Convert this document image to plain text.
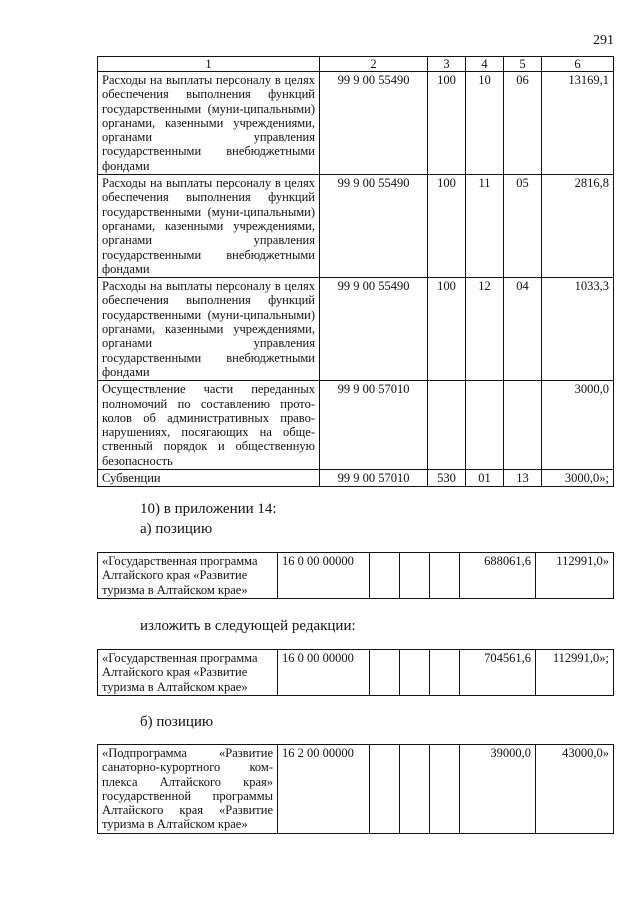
291
1	2	3	4	5	6
Расходы на выплаты персоналу в целях обеспечения выполнения функций государственными (муни-ципальными) органами, казенными учреждениями, органами управления государственными внебюджетными фондами	99 9 00 55490	100	10	06	13169,1
Расходы на выплаты персоналу в целях обеспечения выполнения функций государственными (муни-ципальными) органами, казенными учреждениями, органами управления государственными внебюджетными фондами	99 9 00 55490	100	11	05	2816,8
Расходы на выплаты персоналу в целях обеспечения выполнения функций государственными (муни-ципальными) органами, казенными учреждениями, органами управления государственными внебюджетными фондами	99 9 00 55490	100	12	04	1033,3
Осуществление части переданных полномочий по составлению прото-колов об административных право-нарушениях, посягающих на обще-ственный порядок и общественную безопасность	99 9 00 57010				3000,0
Субвенции	99 9 00 57010	530	01	13	3000,0»;
10) в приложении 14:
а) позицию
«Государственная программа Алтайского края «Развитие туризма в Алтайском крае»	16 0 00 00000				688061,6	112991,0»
изложить в следующей редакции:
«Государственная программа Алтайского края «Развитие туризма в Алтайском крае»	16 0 00 00000				704561,6	112991,0»;
б) позицию
«Подпрограмма «Развитие санаторно-курортного ком-плекса Алтайского края» государственной программы Алтайского края «Развитие туризма в Алтайском крае»	16 2 00 00000				39000,0	43000,0»
